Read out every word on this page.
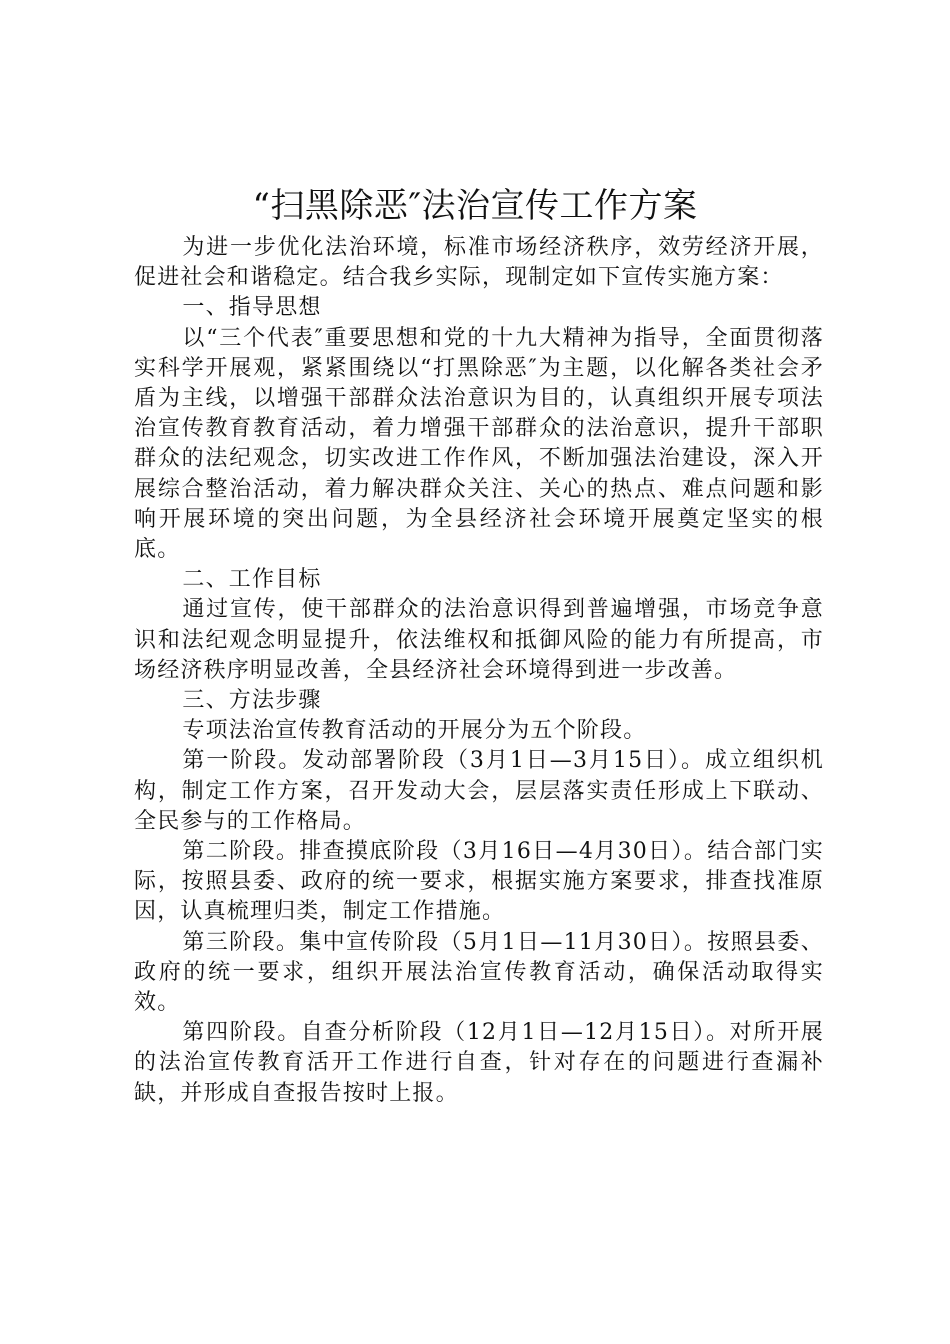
“扫黑除恶″法治宣传工作方案

为进一步优化法治环境，标准市场经济秩序，效劳经济开展，促进社会和谐稳定。结合我乡实际，现制定如下宣传实施方案：

一、指导思想

以“三个代表″重要思想和党的十九大精神为指导，全面贯彻落实科学开展观，紧紧围绕以“打黑除恶″为主题，以化解各类社会矛盾为主线，以增强干部群众法治意识为目的，认真组织开展专项法治宣传教育教育活动，着力增强干部群众的法治意识，提升干部职群众的法纪观念，切实改进工作作风，不断加强法治建设，深入开展综合整治活动，着力解决群众关注、关心的热点、难点问题和影响开展环境的突出问题，为全县经济社会环境开展奠定坚实的根底。

二、工作目标

通过宣传，使干部群众的法治意识得到普遍增强，市场竞争意识和法纪观念明显提升，依法维权和抵御风险的能力有所提高，市场经济秩序明显改善，全县经济社会环境得到进一步改善。

三、方法步骤

专项法治宣传教育活动的开展分为五个阶段。

第一阶段。发动部署阶段（3月1日—3月15日）。成立组织机构，制定工作方案，召开发动大会，层层落实责任形成上下联动、全民参与的工作格局。

第二阶段。排查摸底阶段（3月16日—4月30日）。结合部门实际，按照县委、政府的统一要求，根据实施方案要求，排查找准原因，认真梳理归类，制定工作措施。

第三阶段。集中宣传阶段（5月1日—11月30日）。按照县委、政府的统一要求，组织开展法治宣传教育活动，确保活动取得实效。

第四阶段。自查分析阶段（12月1日—12月15日）。对所开展的法治宣传教育活开工作进行自查，针对存在的问题进行查漏补缺，并形成自查报告按时上报。
